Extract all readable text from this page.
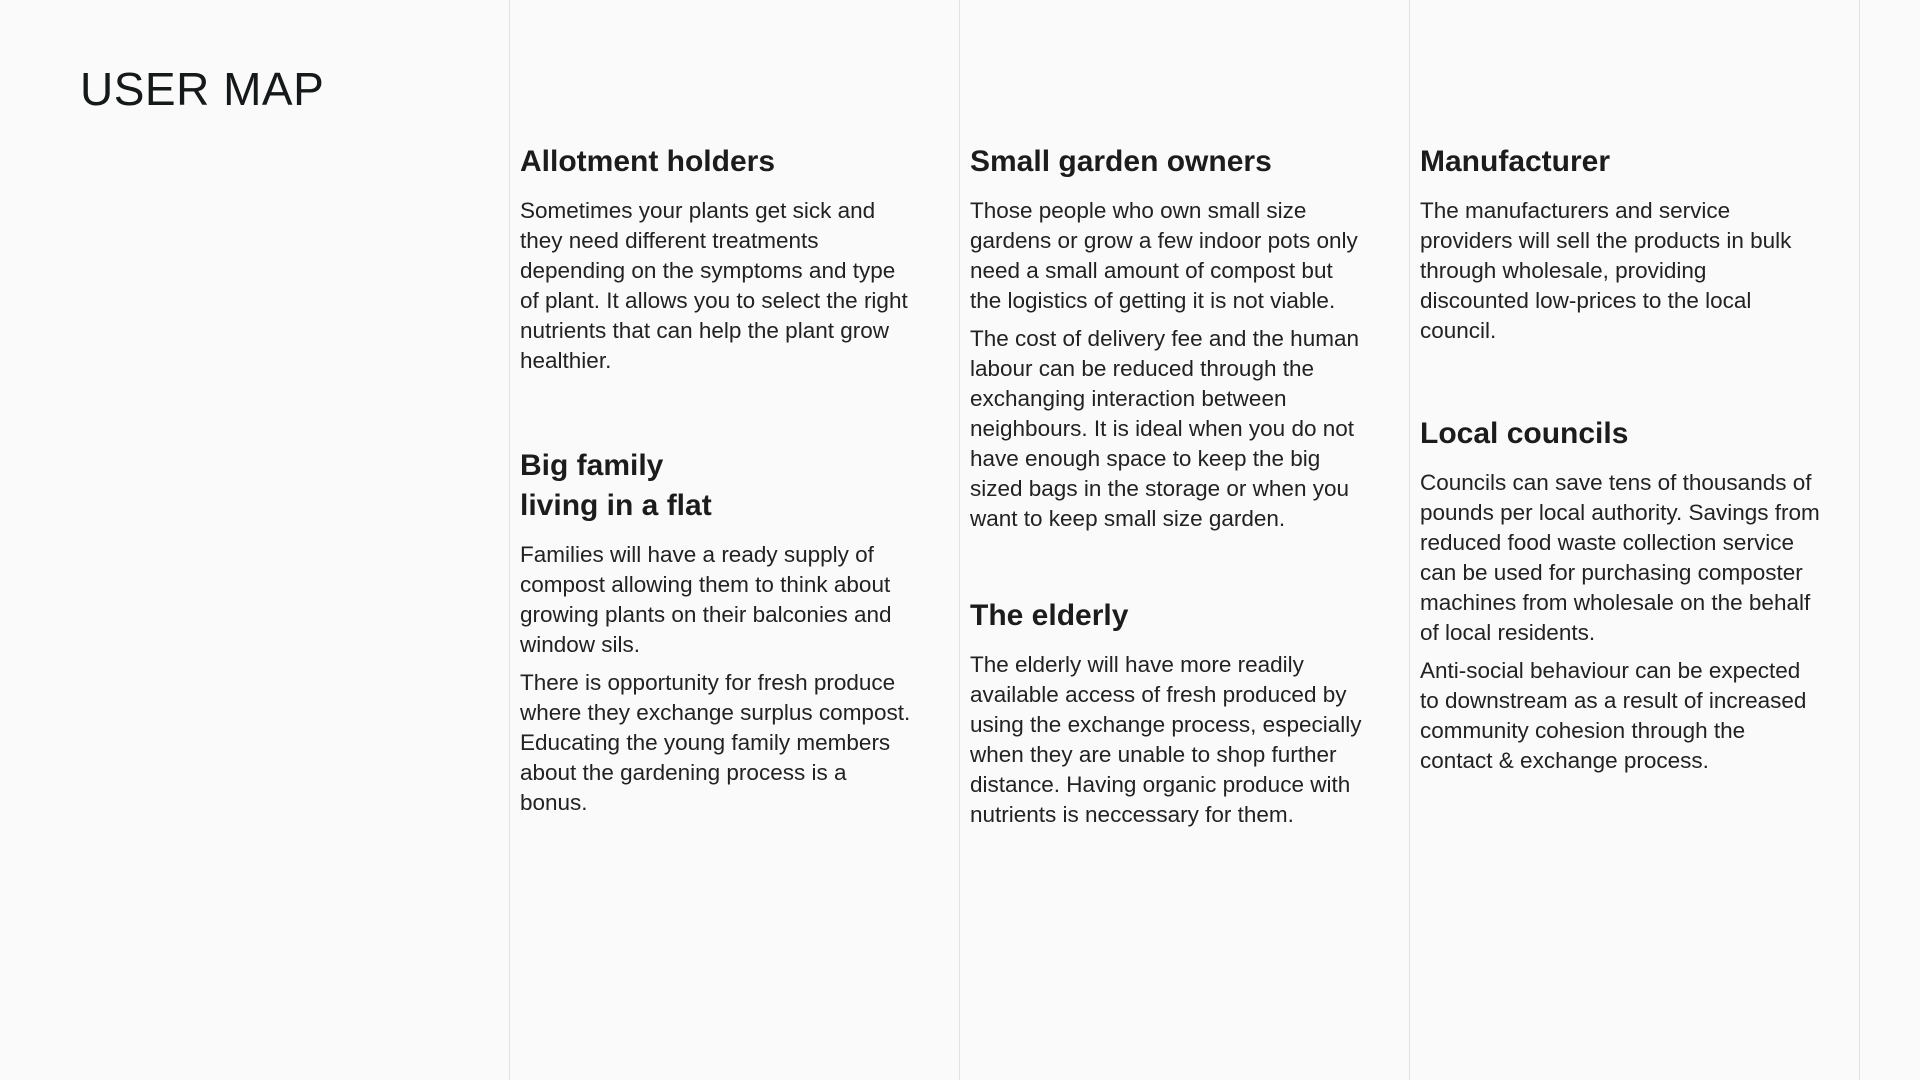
USER MAP
Allotment holders

Sometimes your plants get sick and they need different treatments depending on the symptoms and type of plant. It allows you to select the right nutrients that can help the plant grow healthier.

Big family
living in a flat

Families will have a ready supply of compost allowing them to think about growing plants on their balconies and window sils.

There is opportunity for fresh produce where they exchange surplus compost. Educating the young family members about the gardening process is a bonus.

Small garden owners

Those people who own small size gardens or grow a few indoor pots only need a small amount of compost but the logistics of getting it is not viable.

The cost of delivery fee and the human labour can be reduced through the exchanging interaction between neighbours. It is ideal when you do not have enough space to keep the big sized bags in the storage or when you want to keep small size garden.

The elderly

The elderly will have more readily available access of fresh produced by using the exchange process, especially when they are unable to shop further distance. Having organic produce with nutrients is neccessary for them.

Manufacturer

The manufacturers and service providers will sell the products in bulk through wholesale, providing discounted low-prices to the local council.

Local councils

Councils can save tens of thousands of pounds per local authority. Savings from reduced food waste collection service can be used for purchasing composter machines from wholesale on the behalf of local residents.

Anti-social behaviour can be expected to downstream as a result of increased community cohesion through the contact & exchange process.
